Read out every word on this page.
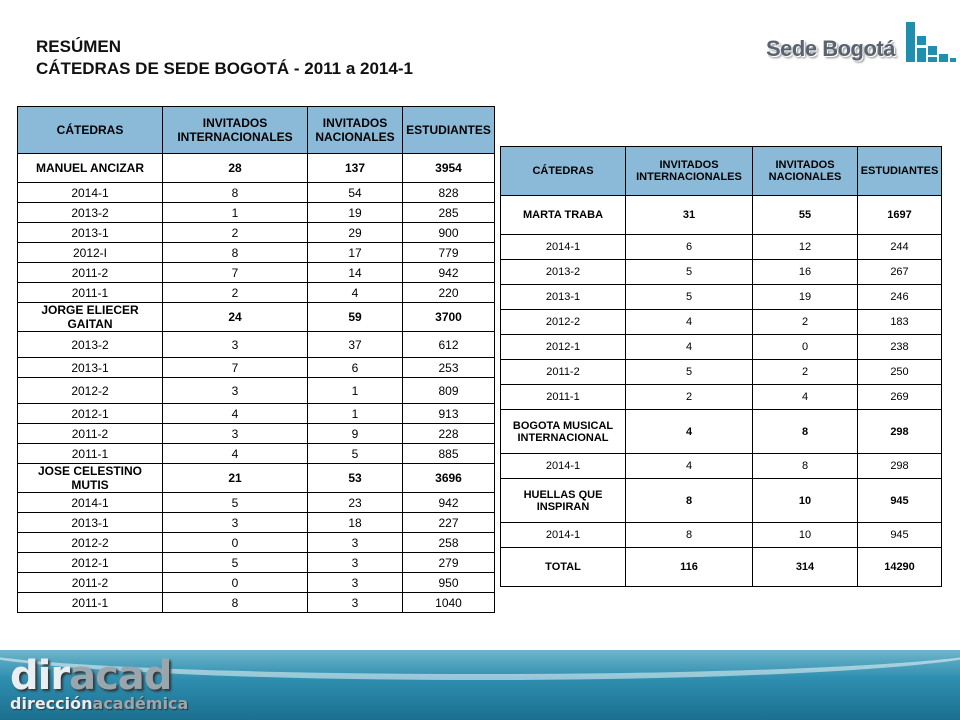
RESÚMEN
CÁTEDRAS DE SEDE BOGOTÁ - 2011 a 2014-1
Sede Bogotá
CÁTEDRAS	INVITADOS INTERNACIONALES	INVITADOS NACIONALES	ESTUDIANTES
MANUEL ANCIZAR	28	137	3954
2014-1	8	54	828
2013-2	1	19	285
2013-1	2	29	900
2012-I	8	17	779
2011-2	7	14	942
2011-1	2	4	220
JORGE ELIECER GAITAN	24	59	3700
2013-2	3	37	612
2013-1	7	6	253
2012-2	3	1	809
2012-1	4	1	913
2011-2	3	9	228
2011-1	4	5	885
JOSE CELESTINO MUTIS	21	53	3696
2014-1	5	23	942
2013-1	3	18	227
2012-2	0	3	258
2012-1	5	3	279
2011-2	0	3	950
2011-1	8	3	1040
CÁTEDRAS	INVITADOS INTERNACIONALES	INVITADOS NACIONALES	ESTUDIANTES
MARTA TRABA	31	55	1697
2014-1	6	12	244
2013-2	5	16	267
2013-1	5	19	246
2012-2	4	2	183
2012-1	4	0	238
2011-2	5	2	250
2011-1	2	4	269
BOGOTA MUSICAL INTERNACIONAL	4	8	298
2014-1	4	8	298
HUELLAS QUE INSPIRAN	8	10	945
2014-1	8	10	945
TOTAL	116	314	14290
diracad
direcciónacadémica
